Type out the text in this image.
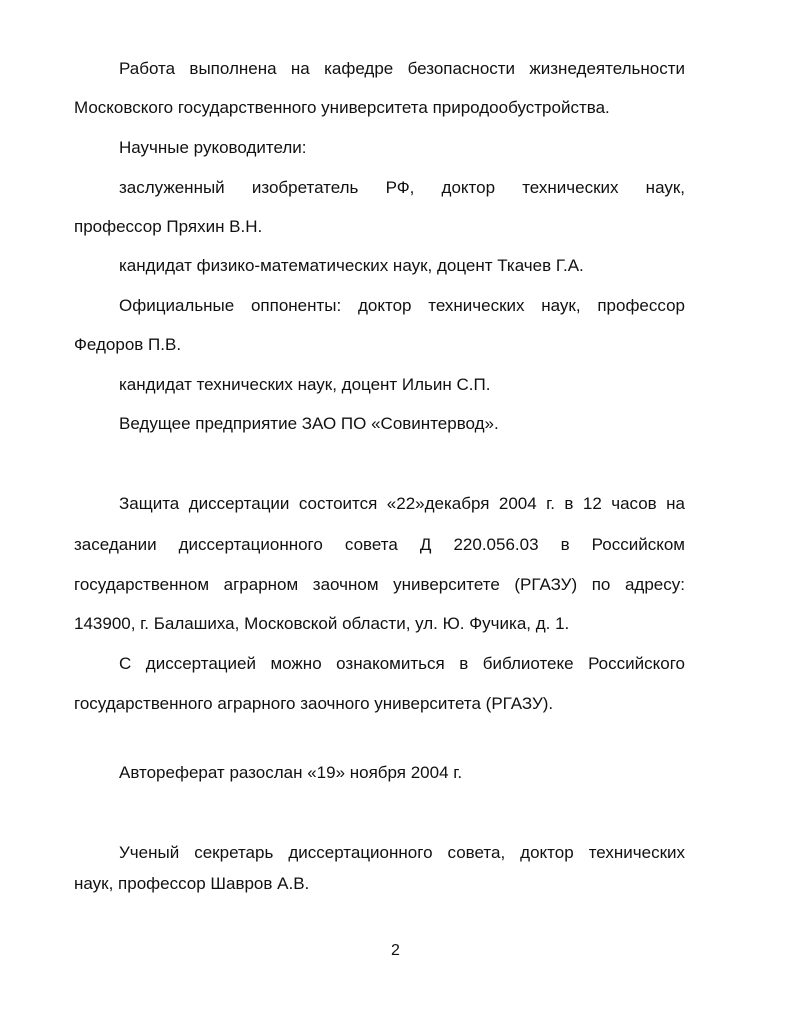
Работа выполнена на кафедре безопасности жизнедеятельности

Московского государственного университета природообустройства.

Научные руководители:

заслуженный изобретатель РФ, доктор технических наук,

профессор Пряхин В.Н.

кандидат физико-математических наук, доцент Ткачев Г.А.

Официальные оппоненты: доктор технических наук, профессор

Федоров П.В.

кандидат технических наук, доцент Ильин С.П.

Ведущее предприятие ЗАО ПО «Совинтервод».

Защита диссертации состоится «22»декабря 2004 г. в 12 часов на

заседании диссертационного совета Д 220.056.03 в Российском

государственном аграрном заочном университете (РГАЗУ) по адресу:

143900, г. Балашиха, Московской области, ул. Ю. Фучика, д. 1.

С диссертацией можно ознакомиться в библиотеке Российского

государственного аграрного заочного университета (РГАЗУ).

Автореферат разослан «19» ноября 2004 г.

Ученый секретарь диссертационного совета, доктор технических

наук, профессор Шавров А.В.

2
